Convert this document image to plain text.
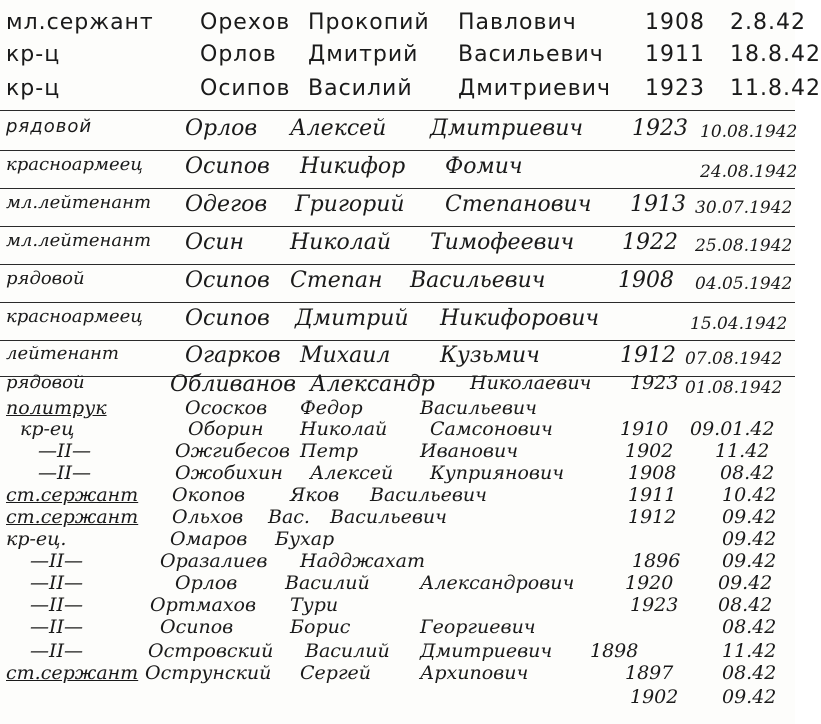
мл.сержант Орехов Прокопий Павлович	1908 2.8.42
кр-ц	Орлов Дмитрий Васильевич 1911 18.8.42
кр-ц	Осипов Василий Дмитриевич 1923 11.8.42
рядовой	Орлов Алексей Дмитриевич 1923 10.08.1942
красноармеец Осипов Никифор Фомич	24.08.1942
мл.лейтенант Одегов Григорий Степанович 1913 30.07.1942
мл.лейтенант Осин Николай Тимофеевич 1922 25.08.1942
рядовой	Осипов Степан Васильевич	1908 04.05.1942
красноармеец Осипов Дмитрий Никифорович	15.04.1942
лейтенант	Огарков Михаил Кузьмич	1912 07.08.1942
рядовой	Обливанов Александр Николаевич 1923 01.08.1942
политрук	Ососков Федор	Васильевич
кр-ец	Оборин Николай Самсонович	1910 09.01.42
—II—	Ожгибесов Петр	Иванович	1902 11.42
—II—	Ожобихин Алексей Куприянович	1908 08.42
ст.сержант Окопов Яков Васильевич	1911 10.42
ст.сержант Ольхов Вас. Васильевич	1912 09.42
кр-ец.	Омаров Бухар	09.42
—II—	Оразалиев Надджахат	1896 09.42
—II—	Орлов	Василий	Александрович	1920 09.42
—II—	Ортмахов Тури	1923 08.42
—II—	Осипов	Борис	Георгиевич	08.42
—II—	Островский Василий Дмитриевич 1898	11.42
ст.сержант Острунский Сергей	Архипович	1897	08.42
1902 09.42
